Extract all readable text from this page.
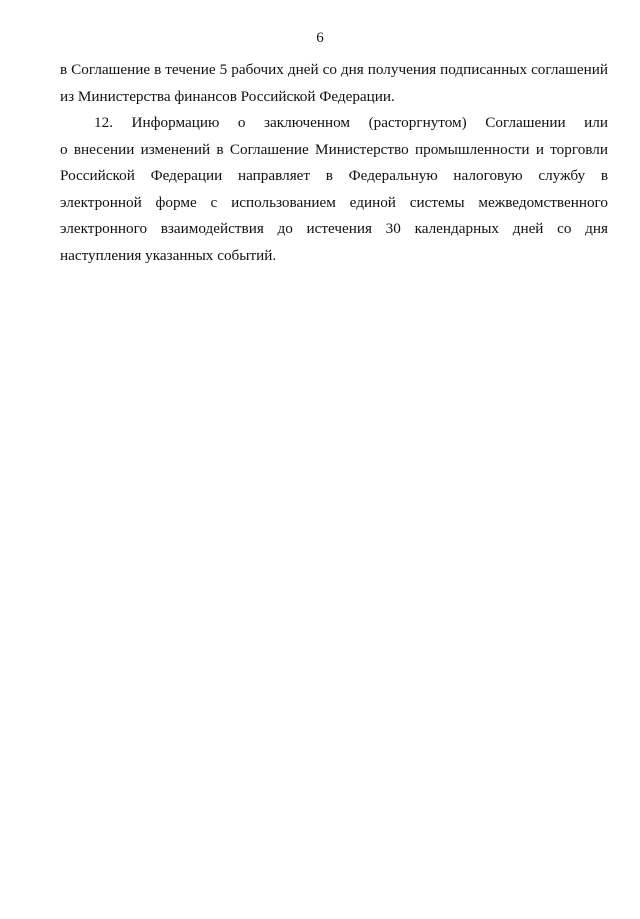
6

в Соглашение в течение 5 рабочих дней со дня получения подписанных соглашений
из Министерства финансов Российской Федерации.

12. Информацию о заключенном (расторгнутом) Соглашении или
о внесении изменений в Соглашение Министерство промышленности и торговли
Российской Федерации направляет в Федеральную налоговую службу в
электронной форме с использованием единой системы межведомственного
электронного взаимодействия до истечения 30 календарных дней со дня
наступления указанных событий.
